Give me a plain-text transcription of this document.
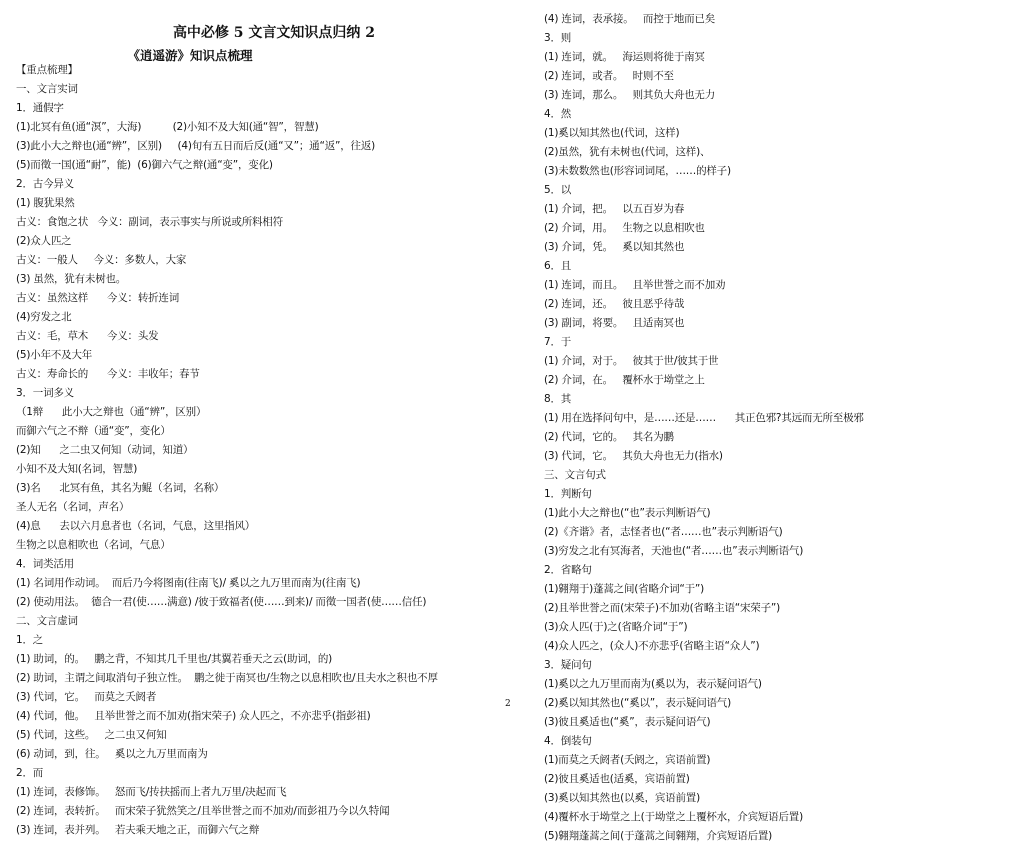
高中必修 5 文言文知识点归纳 2
《逍遥游》知识点梳理
【重点梳理】
一、文言实词
1．通假字
(1)北冥有鱼(通“溟”，大海)          (2)小知不及大知(通“智”，智慧)
(3)此小大之辩也(通“辨”，区别)     (4)旬有五日而后反(通“又”；通“返”，往返)
(5)而徵一国(通“耐”，能)  (6)御六气之辩(通“变”，变化)
2．古今异义
(1) 腹犹果然
古义：食饱之状   今义：副词，表示事实与所说或所料相符
(2)众人匹之
古义：一般人     今义：多数人，大家
(3) 虽然，犹有未树也。
古义：虽然这样      今义：转折连词
(4)穷发之北
古义：毛，草木      今义：头发
(5)小年不及大年
古义：寿命长的      今义：丰收年；春节
3．一词多义
（1辩      此小大之辩也（通“辨”，区别）
而御六气之不辩（通“变”，变化）
(2)知      之二虫又何知（动词，知道）
小知不及大知(名词，智慧)
(3)名      北冥有鱼，其名为鲲（名词，名称）
圣人无名（名词，声名）
(4)息      去以六月息者也（名词，气息，这里指风）
生物之以息相吹也（名词，气息）
4．词类活用
(1) 名词用作动词。  而后乃今将图南(往南飞)/ 奚以之九万里而南为(往南飞)
(2) 使动用法。  德合一君(使……满意) /彼于致福者(使……到来)/ 而徵一国者(使……信任)
二、文言虚词
1．之
(1) 助词，的。   鹏之背，不知其几千里也/其翼若垂天之云(助词，的)
(2) 助词，主谓之间取消句子独立性。  鹏之徙于南冥也/生物之以息相吹也/且夫水之积也不厚
(3) 代词，它。   而莫之夭阏者
(4) 代词，他。   且举世誉之而不加劝(指宋荣子) 众人匹之，不亦悲乎(指彭祖)
(5) 代词，这些。   之二虫又何知
(6) 动词，到，往。   奚以之九万里而南为
2．而
(1) 连词，表修饰。   怒而飞/抟扶摇而上者九万里/决起而飞
(2) 连词，表转折。   而宋荣子犹然笑之/且举世誉之而不加劝/而彭祖乃今以久特闻
(3) 连词，表并列。   若夫乘天地之正，而御六气之辩
(4) 连词，表承接。   而控于地而已矣
3．则
(1) 连词，就。   海运则将徙于南冥
(2) 连词，或者。   时则不至
(3) 连词，那么。   则其负大舟也无力
4．然
(1)奚以知其然也(代词，这样)
(2)虽然，犹有未树也(代词，这样)、
(3)未数数然也(形容词词尾，……的样子)
5．以
(1) 介词，把。   以五百岁为春
(2) 介词，用。   生物之以息相吹也
(3) 介词，凭。   奚以知其然也
6．且
(1) 连词，而且。   且举世誉之而不加劝
(2) 连词，还。   彼且恶乎待哉
(3) 副词，将要。   且适南冥也
7．于
(1) 介词，对于。   彼其于世/彼其于世
(2) 介词，在。   覆杯水于坳堂之上
8．其
(1) 用在选择问句中，是……还是……      其正色邪?其远而无所至极邪
(2) 代词，它的。   其名为鹏
(3) 代词，它。   其负大舟也无力(指水)
三、文言句式
1．判断句
(1)此小大之辩也(“也”表示判断语气)
(2)《齐谐》者，志怪者也(“者……也”表示判断语气)
(3)穷发之北有冥海者，天池也(“者……也”表示判断语气)
2．省略句
(1)翱翔于)蓬蒿之间(省略介词“于”)
(2)且举世誉之而(宋荣子)不加劝(省略主语“宋荣子”)
(3)众人匹(于)之(省略介词“于”)
(4)众人匹之，(众人)不亦悲乎(省略主语“众人”)
3．疑问句
(1)奚以之九万里而南为(奚以为，表示疑问语气)
(2)奚以知其然也(“奚以”，表示疑问语气)
(3)彼且奚适也(“奚”，表示疑问语气)
4．倒装句
(1)而莫之夭阏者(夭阏之，宾语前置)
(2)彼且奚适也(适奚，宾语前置)
(3)奚以知其然也(以奚，宾语前置)
(4)覆杯水于坳堂之上(于坳堂之上覆杯水，介宾短语后置)
(5)翱翔蓬蒿之间(于蓬蒿之间翱翔，介宾短语后置)
2
